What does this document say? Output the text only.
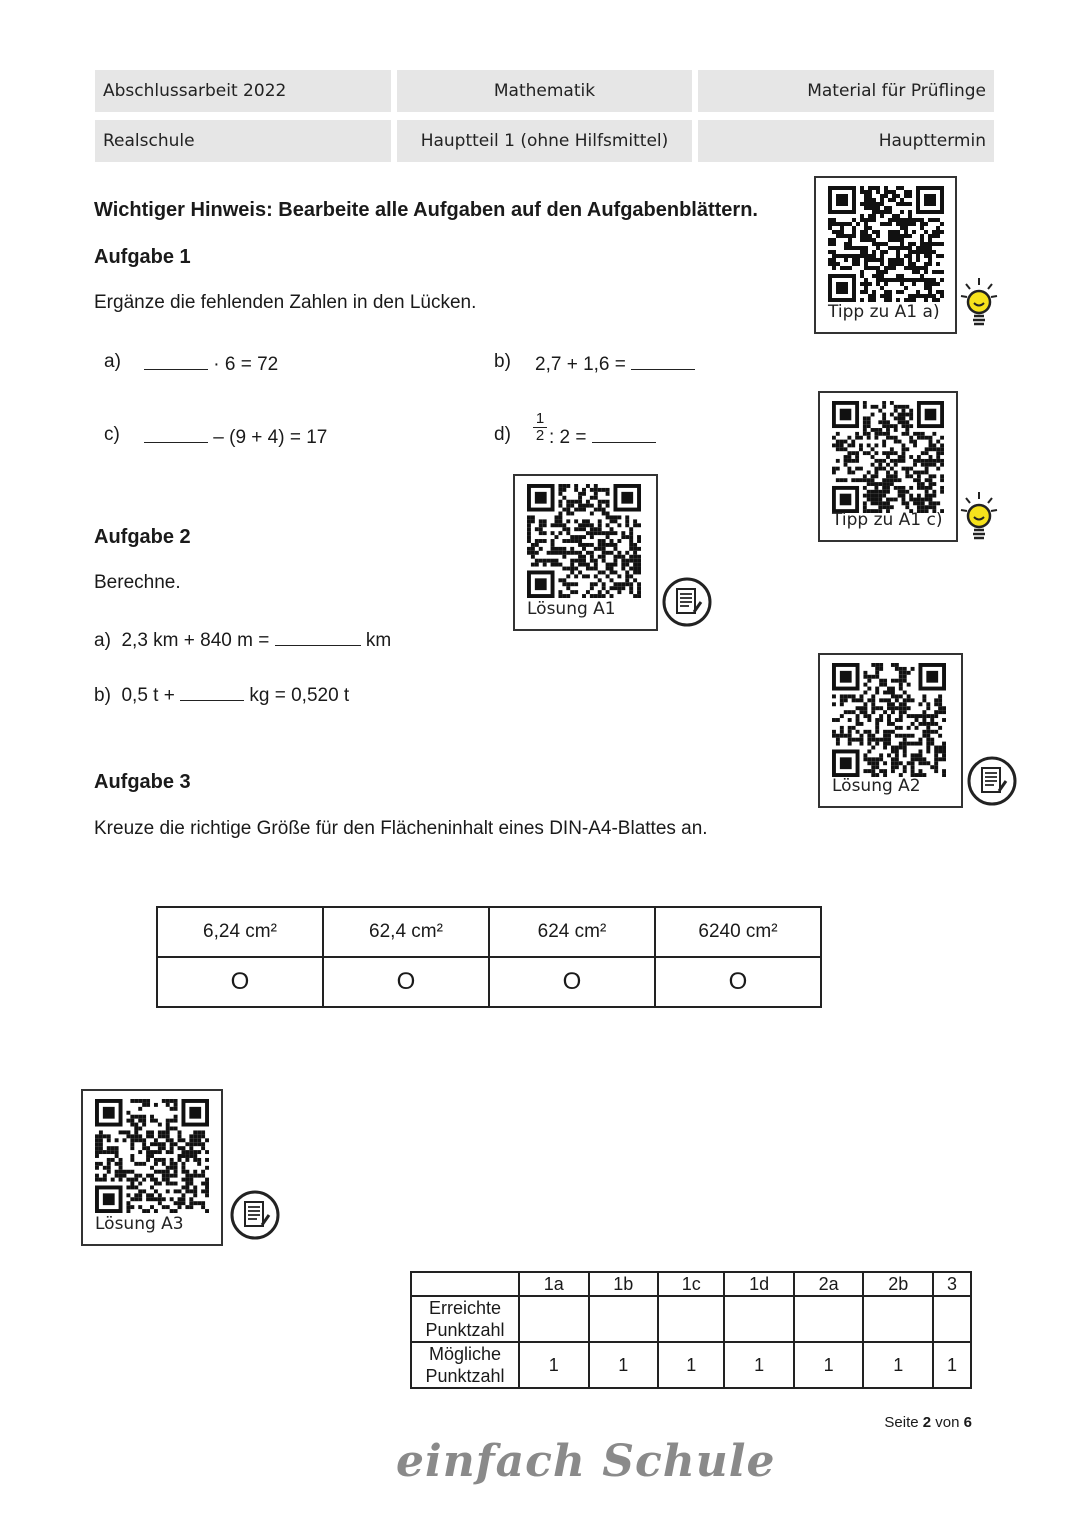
Abschlussarbeit 2022	Mathematik	Material für Prüflinge
Realschule	Hauptteil 1 (ohne Hilfsmittel)	Haupttermin
Wichtiger Hinweis: Bearbeite alle Aufgaben auf den Aufgabenblättern.
Aufgabe 1
Ergänze die fehlenden Zahlen in den Lücken.
a)	· 6 = 72	b) 2,7 + 1,6 =
c)	– (9 + 4) = 17	$d) \frac{1}{2}$ : 2 =
Aufgabe 2
Berechne.
a) 2,3 km + 840 m =	km
b) 0,5 t +	kg = 0,520 t
Aufgabe 3
Kreuze die richtige Größe für den Flächeninhalt eines DIN-A4-Blattes an.
6,24 cm²	62,4 cm²	624 cm²	6240 cm²
O	O	O	O
Tipp zu A1 a)
Tipp zu A1 c)
Lösung A1
Lösung A2
Lösung A3
	1a	1b	1c	1d	2a	2b	3
Erreichte Punktzahl							
Mögliche Punktzahl	1	1	1	1	1	1	1
Seite 2 von 6
einfach Schule
